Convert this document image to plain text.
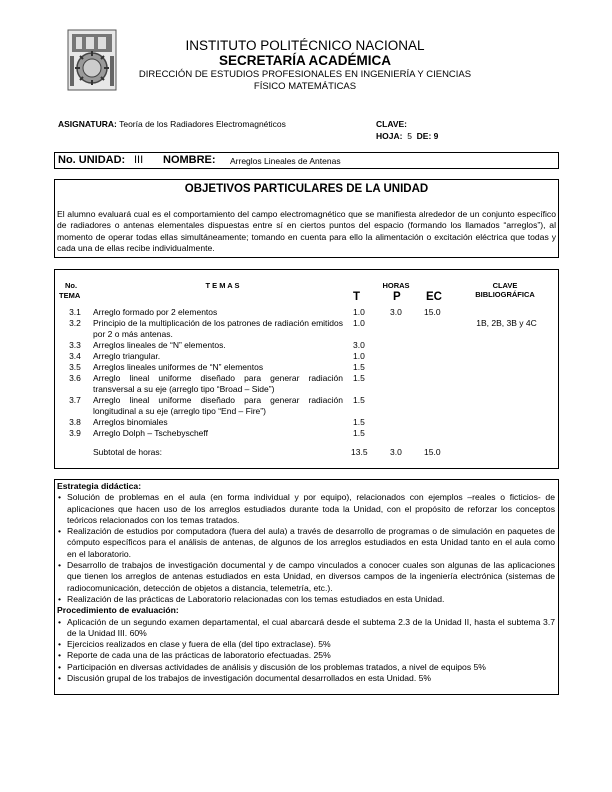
INSTITUTO POLITÉCNICO NACIONAL
SECRETARÍA ACADÉMICA
DIRECCIÓN DE ESTUDIOS PROFESIONALES EN INGENIERÍA Y CIENCIAS
FÍSICO MATEMÁTICAS
ASIGNATURA: Teoría de los Radiadores Electromagnéticos	CLAVE:
HOJA: 5 DE: 9
No. UNIDAD: III NOMBRE: Arreglos Lineales de Antenas
OBJETIVOS PARTICULARES DE LA UNIDAD
El alumno evaluará cual es el comportamiento del campo electromagnético que se manifiesta alrededor de un conjunto específico de radiadores o antenas elementales dispuestas entre sí en ciertos puntos del espacio (formando los llamados “arreglos”), al momento de operar todas ellas simultáneamente; tomando en cuenta para ello la alimentación o excitación eléctrica que todas y cada una de ellas recibe individualmente.
No.
TEMA
T E M A S	HORAS
T	P EC
CLAVE
BIBLIOGRÁFICA
3.1	Arreglo formado por 2 elementos	1.0	3.0	15.0	
3.2	Principio de la multiplicación de los patrones de radiación emitidos por 2 o más antenas.	1.0			1B, 2B, 3B y 4C
3.3	Arreglos lineales de “N” elementos.	3.0			
3.4	Arreglo triangular.	1.0			
3.5	Arreglos lineales uniformes de “N” elementos	1.5			
3.6	Arreglo lineal uniforme diseñado para generar radiación transversal a su eje (arreglo tipo “Broad – Side”)	1.5			
3.7	Arreglo lineal uniforme diseñado para generar radiación longitudinal a su eje (arreglo tipo “End – Fire”)	1.5			
3.8	Arreglos binomiales	1.5			
3.9	Arreglo Dolph – Tschebyscheff	1.5			

	Subtotal de horas:	13.5	3.0	15.0	
Estrategia didáctica:
• Solución de problemas en el aula (en forma individual y por equipo), relacionados con ejemplos –reales o ficticios- de aplicaciones que hacen uso de los arreglos estudiados durante toda la Unidad, con el propósito de reforzar los conceptos teóricos relacionados con los temas tratados.
• Realización de estudios por computadora (fuera del aula) a través de desarrollo de programas o de simulación en paquetes de cómputo específicos para el análisis de antenas, de algunos de los arreglos estudiados en esta Unidad tanto en el aula como en el laboratorio.
• Desarrollo de trabajos de investigación documental y de campo vinculados a conocer cuales son algunas de las aplicaciones que tienen los arreglos de antenas estudiados en esta Unidad, en diversos campos de la ingeniería electrónica (sistemas de radiocomunicación, detección de objetos a distancia, telemetría, etc.).
• Realización de las prácticas de Laboratorio relacionadas con los temas estudiados en esta Unidad.
Procedimiento de evaluación:
• Aplicación de un segundo examen departamental, el cual abarcará desde el subtema 2.3 de la Unidad II, hasta el subtema 3.7 de la Unidad III. 60%
• Ejercicios realizados en clase y fuera de ella (del tipo extraclase). 5%
• Reporte de cada una de las prácticas de laboratorio efectuadas. 25%
• Participación en diversas actividades de análisis y discusión de los problemas tratados, a nivel de equipos 5%
• Discusión grupal de los trabajos de investigación documental desarrollados en esta Unidad. 5%
